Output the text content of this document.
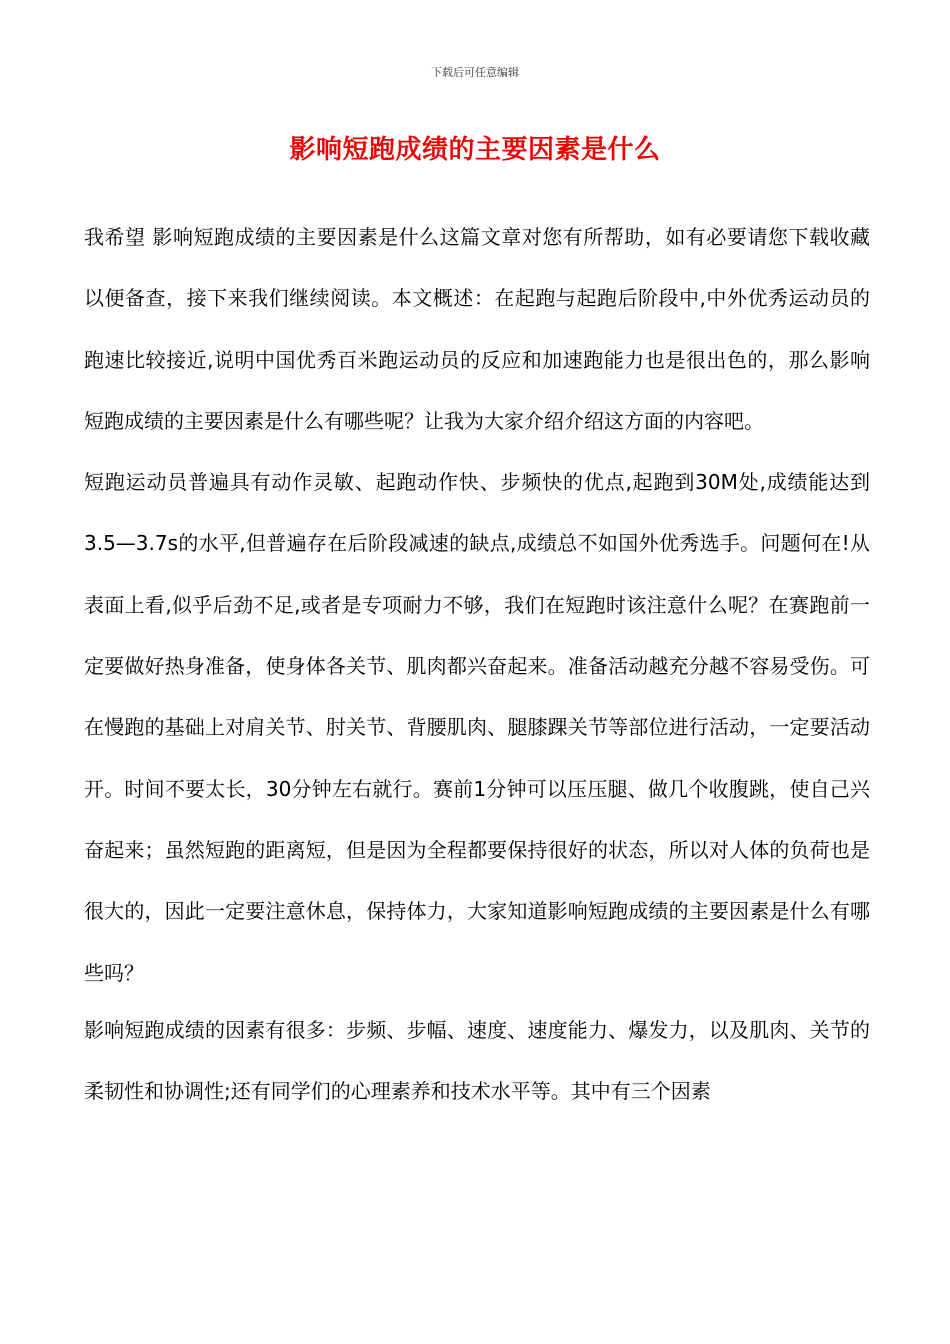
下载后可任意编辑
影响短跑成绩的主要因素是什么

我希望 影响短跑成绩的主要因素是什么这篇文章对您有所帮助，如有必要请您下载收藏以便备查，接下来我们继续阅读。本文概述：在起跑与起跑后阶段中,中外优秀运动员的跑速比较接近,说明中国优秀百米跑运动员的反应和加速跑能力也是很出色的，那么影响短跑成绩的主要因素是什么有哪些呢？让我为大家介绍介绍这方面的内容吧。

短跑运动员普遍具有动作灵敏、起跑动作快、步频快的优点,起跑到30M处,成绩能达到3.5—3.7s的水平,但普遍存在后阶段减速的缺点,成绩总不如国外优秀选手。问题何在!从表面上看,似乎后劲不足,或者是专项耐力不够，我们在短跑时该注意什么呢？在赛跑前一定要做好热身准备，使身体各关节、肌肉都兴奋起来。准备活动越充分越不容易受伤。可在慢跑的基础上对肩关节、肘关节、背腰肌肉、腿膝踝关节等部位进行活动，一定要活动开。时间不要太长，30分钟左右就行。赛前1分钟可以压压腿、做几个收腹跳，使自己兴奋起来；虽然短跑的距离短，但是因为全程都要保持很好的状态，所以对人体的负荷也是很大的，因此一定要注意休息，保持体力，大家知道影响短跑成绩的主要因素是什么有哪些吗？

影响短跑成绩的因素有很多：步频、步幅、速度、速度能力、爆发力，以及肌肉、关节的柔韧性和协调性;还有同学们的心理素养和技术水平等。其中有三个因素
